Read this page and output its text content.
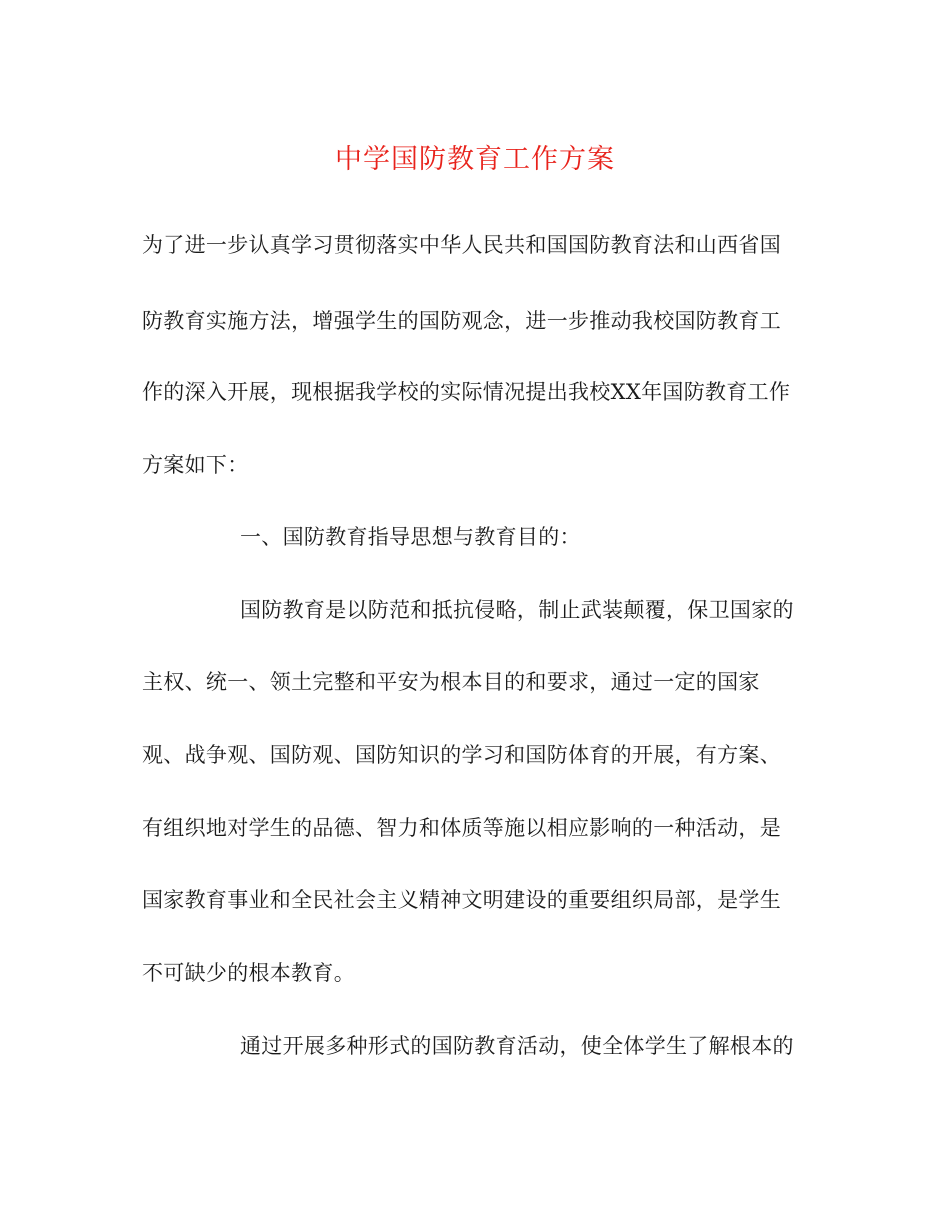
中学国防教育工作方案
为了进一步认真学习贯彻落实中华人民共和国国防教育法和山西省国
防教育实施方法，增强学生的国防观念，进一步推动我校国防教育工
作的深入开展，现根据我学校的实际情况提出我校XX年国防教育工作
方案如下：
一、国防教育指导思想与教育目的：
国防教育是以防范和抵抗侵略，制止武装颠覆，保卫国家的
主权、统一、领土完整和平安为根本目的和要求，通过一定的国家
观、战争观、国防观、国防知识的学习和国防体育的开展，有方案、
有组织地对学生的品德、智力和体质等施以相应影响的一种活动，是
国家教育事业和全民社会主义精神文明建设的重要组织局部，是学生
不可缺少的根本教育。
通过开展多种形式的国防教育活动，使全体学生了解根本的
